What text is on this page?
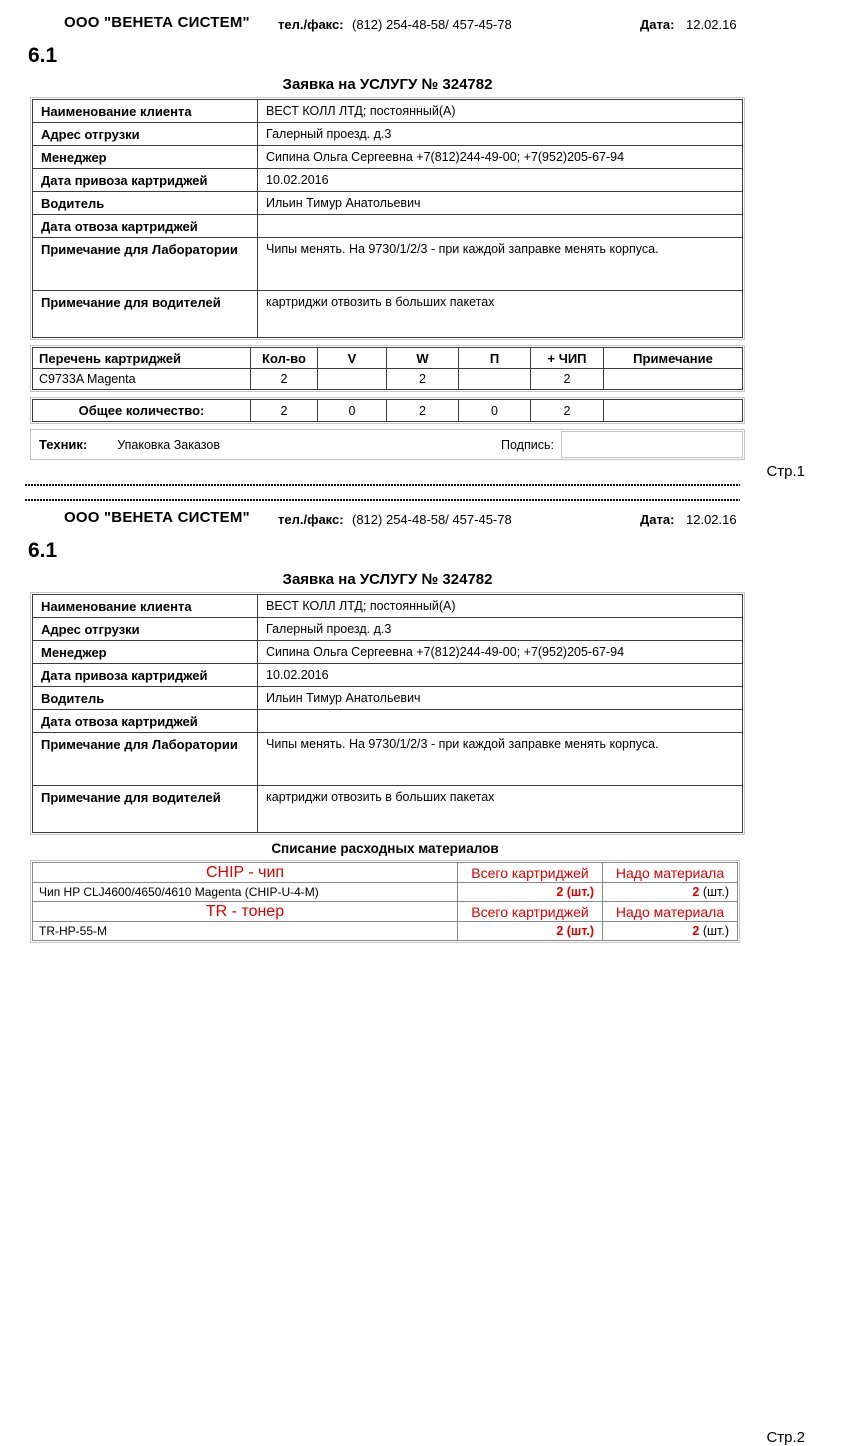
ООО "ВЕНЕТА СИСТЕМ" тел./факс: (812) 254-48-58/ 457-45-78	Дата: 12.02.16
6.1
Заявка на УСЛУГУ № 324782
Наименование клиента	ВЕСТ КОЛЛ ЛТД; постоянный(А)
Адрес отгрузки	Галерный проезд. д.3
Менеджер	Сипина Ольга Сергеевна +7(812)244-49-00; +7(952)205-67-94
Дата привоза картриджей	10.02.2016
Водитель	Ильин Тимур Анатольевич
Дата отвоза картриджей	
Примечание для Лаборатории	Чипы менять. На 9730/1/2/3 - при каждой заправке менять корпуса.
Примечание для водителей	картриджи отвозить в больших пакетах
Перечень картриджей	Кол-во	V	W	П	+ ЧИП	Примечание
C9733A Magenta	2		2		2	
Общее количество:	2	0	2	0	2	
Техник: Упаковка Заказов	Подпись:
Стр.1
ООО "ВЕНЕТА СИСТЕМ" тел./факс: (812) 254-48-58/ 457-45-78	Дата: 12.02.16
6.1
Заявка на УСЛУГУ № 324782
Наименование клиента	ВЕСТ КОЛЛ ЛТД; постоянный(А)
Адрес отгрузки	Галерный проезд. д.3
Менеджер	Сипина Ольга Сергеевна +7(812)244-49-00; +7(952)205-67-94
Дата привоза картриджей	10.02.2016
Водитель	Ильин Тимур Анатольевич
Дата отвоза картриджей	
Примечание для Лаборатории	Чипы менять. На 9730/1/2/3 - при каждой заправке менять корпуса.
Примечание для водителей	картриджи отвозить в больших пакетах
Списание расходных материалов
CHIP - чип	Всего картриджей	Надо материала
Чип HP CLJ4600/4650/4610 Magenta (CHIP-U-4-M)	2 (шт.)	2 (шт.)
TR - тонер	Всего картриджей	Надо материала
TR-HP-55-M	2 (шт.)	2 (шт.)
Стр.2
